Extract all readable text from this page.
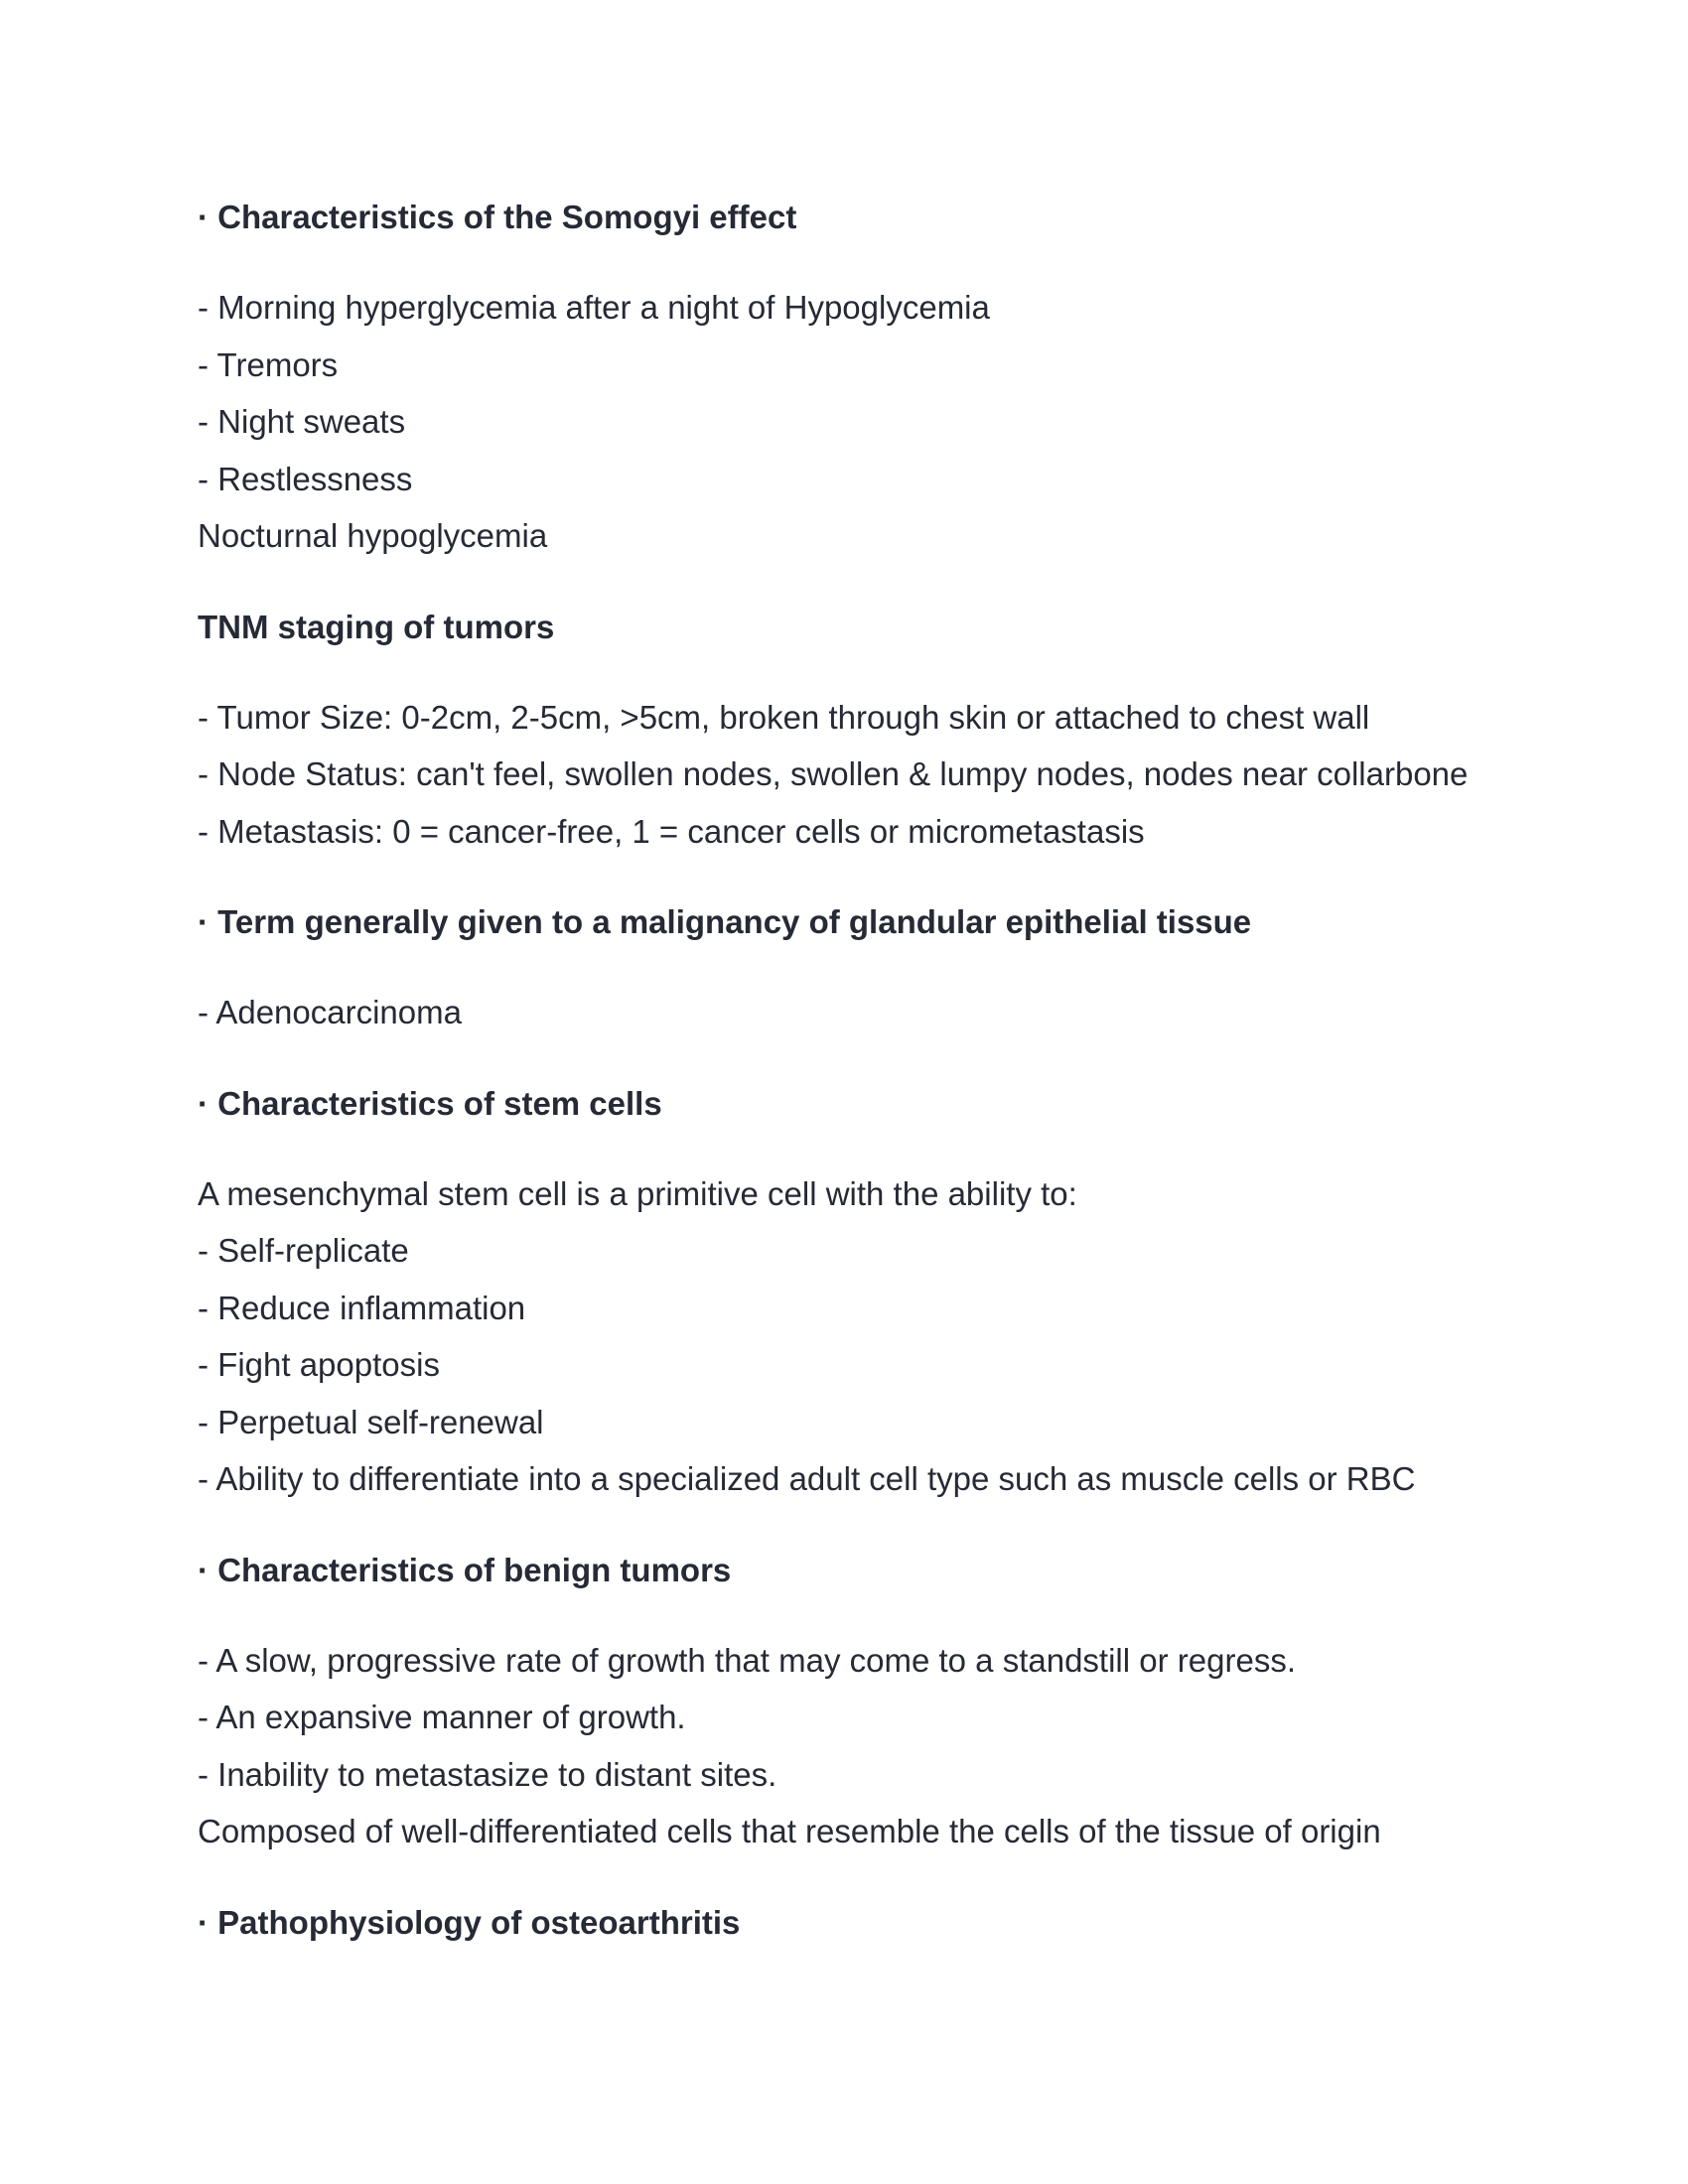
· Characteristics of the Somogyi effect

- Morning hyperglycemia after a night of Hypoglycemia

- Tremors

- Night sweats

- Restlessness

Nocturnal hypoglycemia

TNM staging of tumors

- Tumor Size: 0-2cm, 2-5cm, >5cm, broken through skin or attached to chest wall

- Node Status: can't feel, swollen nodes, swollen & lumpy nodes, nodes near collarbone

- Metastasis: 0 = cancer-free, 1 = cancer cells or micrometastasis

· Term generally given to a malignancy of glandular epithelial tissue

- Adenocarcinoma

· Characteristics of stem cells

A mesenchymal stem cell is a primitive cell with the ability to:

- Self-replicate

- Reduce inflammation

- Fight apoptosis

- Perpetual self-renewal

- Ability to differentiate into a specialized adult cell type such as muscle cells or RBC

· Characteristics of benign tumors

- A slow, progressive rate of growth that may come to a standstill or regress.

- An expansive manner of growth.

- Inability to metastasize to distant sites.

Composed of well-differentiated cells that resemble the cells of the tissue of origin

· Pathophysiology of osteoarthritis
